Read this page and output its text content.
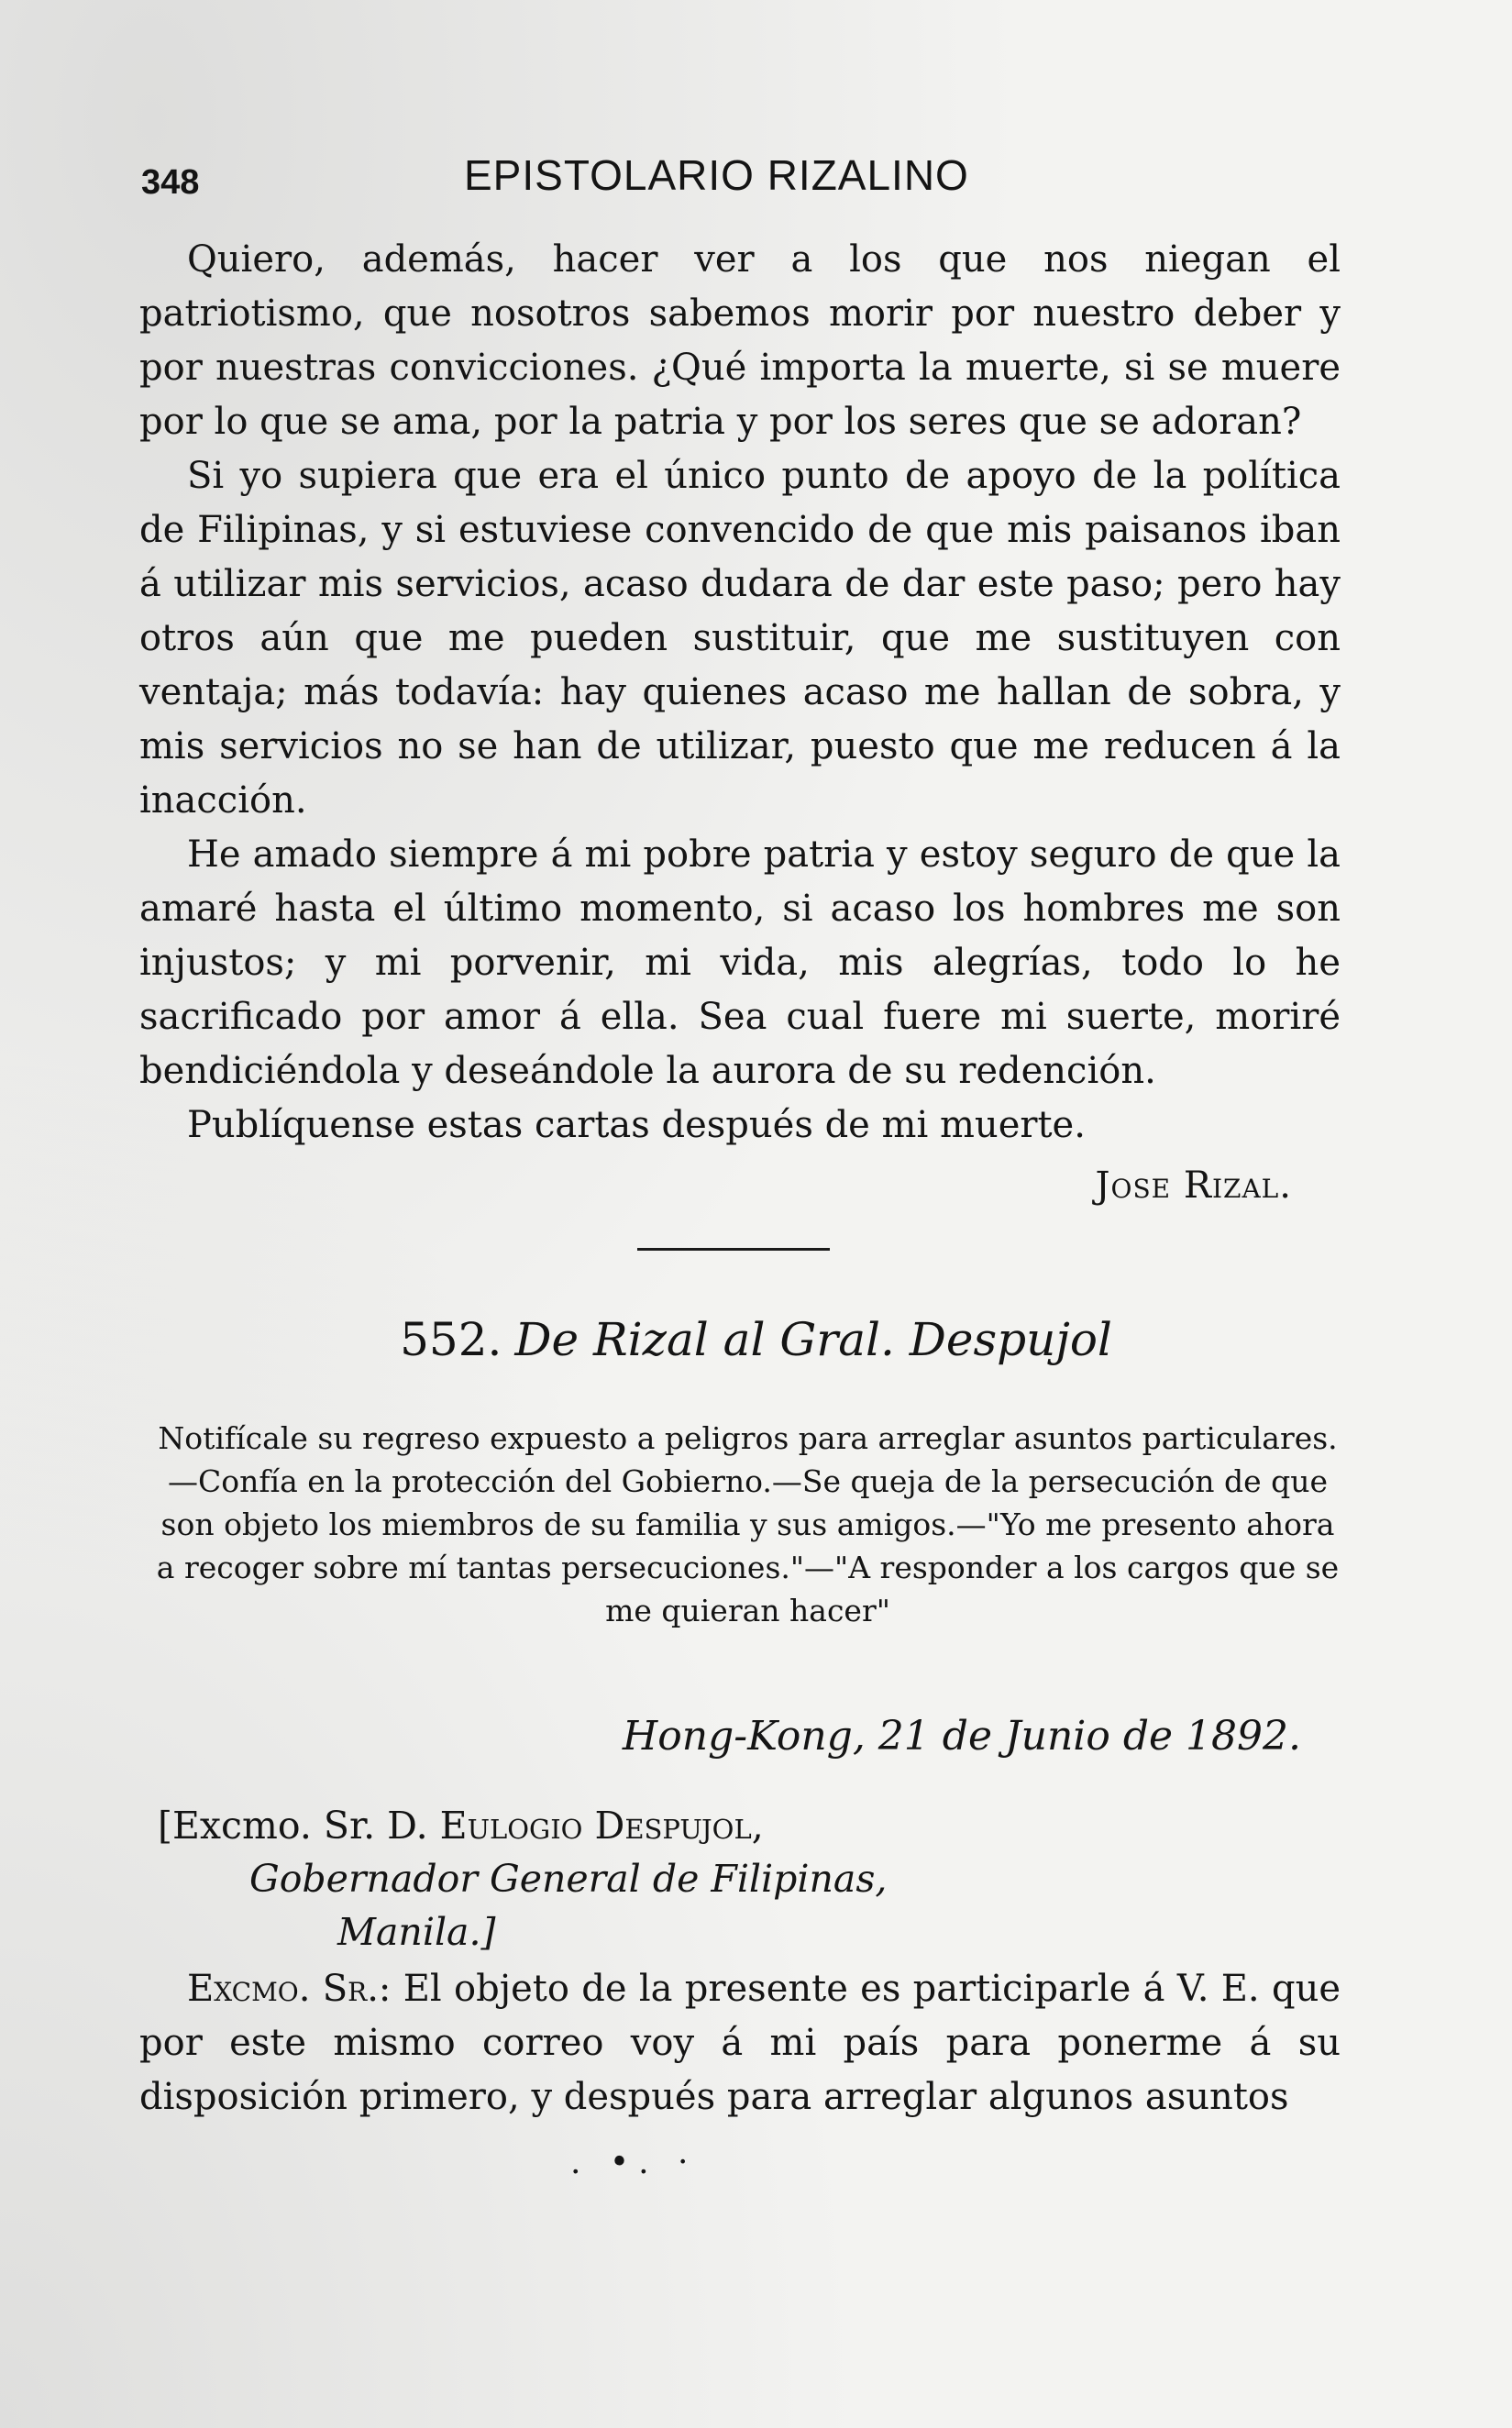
348	EPISTOLARIO RIZALINO

Quiero, además, hacer ver a los que nos niegan el patriotismo, que nosotros sabemos morir por nuestro deber y por nuestras convicciones. ¿Qué importa la muerte, si se muere por lo que se ama, por la patria y por los seres que se adoran?

Si yo supiera que era el único punto de apoyo de la política de Filipinas, y si estuviese convencido de que mis paisanos iban á utilizar mis servicios, acaso dudara de dar este paso; pero hay otros aún que me pueden sustituir, que me sustituyen con ventaja; más todavía: hay quienes acaso me hallan de sobra, y mis servicios no se han de utilizar, puesto que me reducen á la inacción.

He amado siempre á mi pobre patria y estoy seguro de que la amaré hasta el último momento, si acaso los hombres me son injustos; y mi porvenir, mi vida, mis alegrías, todo lo he sacrificado por amor á ella. Sea cual fuere mi suerte, moriré bendiciéndola y deseándole la aurora de su redención.

Publíquense estas cartas después de mi muerte.

Jose Rizal.
552. De Rizal al Gral. Despujol
Notifícale su regreso expuesto a peligros para arreglar asuntos particulares.—Confía en la protección del Gobierno.—Se queja de la persecución de que son objeto los miembros de su familia y sus amigos.—"Yo me presento ahora a recoger sobre mí tantas persecuciones."—"A responder a los cargos que se me quieran hacer"
Hong-Kong, 21 de Junio de 1892.
[Excmo. Sr. D. Eulogio Despujol,
Gobernador General de Filipinas,
Manila.]

Excmo. Sr.: El objeto de la presente es participarle á V. E. que por este mismo correo voy á mi país para ponerme á su disposición primero, y después para arreglar algunos asuntos

. •. ·
